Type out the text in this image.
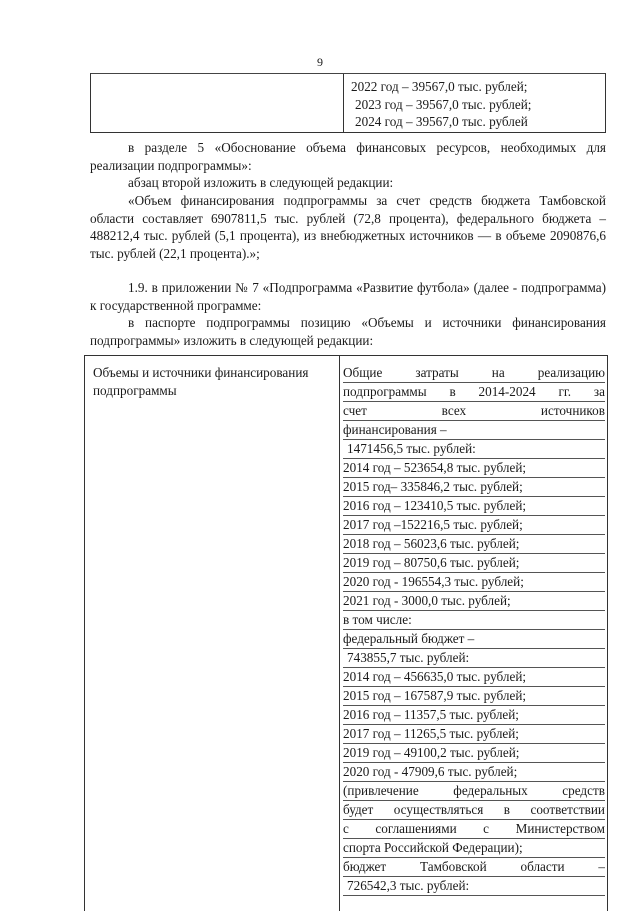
9
2022 год – 39567,0 тыс. рублей;
2023 год – 39567,0 тыс. рублей;
2024 год – 39567,0 тыс. рублей
в разделе 5 «Обоснование объема финансовых ресурсов, необходимых для реализации подпрограммы»:
абзац второй изложить в следующей редакции:
«Объем финансирования подпрограммы за счет средств бюджета Тамбовской области составляет 6907811,5 тыс. рублей (72,8 процента), федерального бюджета – 488212,4 тыс. рублей (5,1 процента), из внебюджетных источников — в объеме 2090876,6 тыс. рублей (22,1 процента).»;
1.9. в приложении № 7 «Подпрограмма «Развитие футбола» (далее - подпрограмма) к государственной программе:
в паспорте подпрограммы позицию «Объемы и источники финансирования подпрограммы» изложить в следующей редакции:
Объемы и источники финансирования подпрограммы
Общие затраты на реализацию
подпрограммы в 2014-2024 гг. за
счет всех источников
финансирования –
1471456,5 тыс. рублей:
2014 год – 523654,8 тыс. рублей;
2015 год– 335846,2 тыс. рублей;
2016 год – 123410,5 тыс. рублей;
2017 год –152216,5 тыс. рублей;
2018 год – 56023,6 тыс. рублей;
2019 год – 80750,6 тыс. рублей;
2020 год - 196554,3 тыс. рублей;
2021 год - 3000,0 тыс. рублей;
в том числе:
федеральный бюджет –
743855,7 тыс. рублей:
2014 год – 456635,0 тыс. рублей;
2015 год – 167587,9 тыс. рублей;
2016 год – 11357,5 тыс. рублей;
2017 год – 11265,5 тыс. рублей;
2019 год – 49100,2 тыс. рублей;
2020 год - 47909,6 тыс. рублей;
(привлечение федеральных средств
будет осуществляться в соответствии
с соглашениями с Министерством
спорта Российской Федерации);
бюджет Тамбовской области –
726542,3 тыс. рублей:
